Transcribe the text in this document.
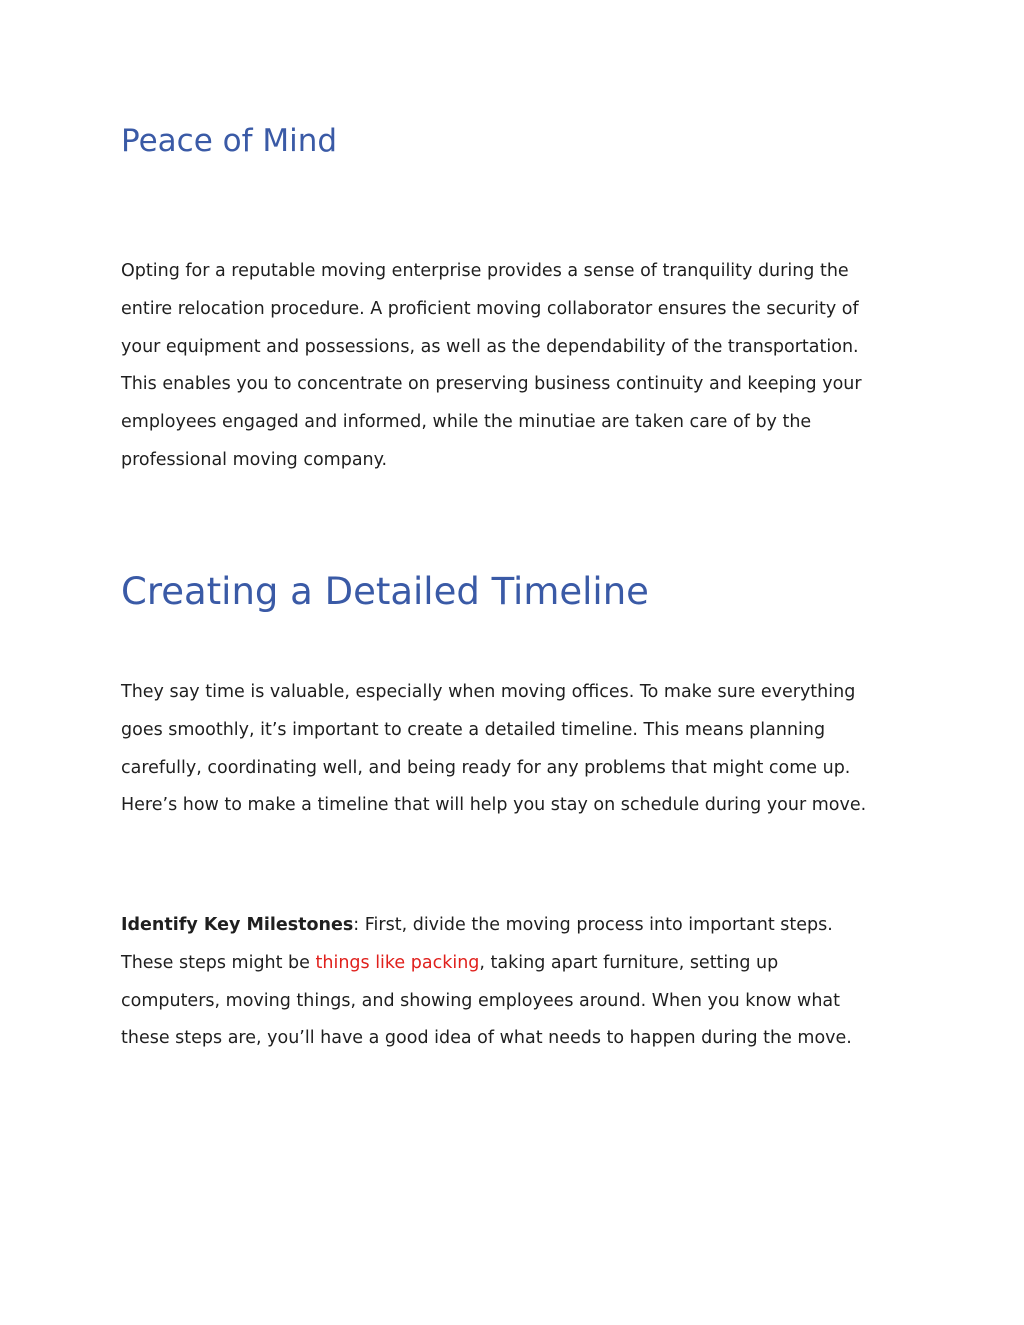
Peace of Mind

Opting for a reputable moving enterprise provides a sense of tranquility during the
entire relocation procedure. A proficient moving collaborator ensures the security of
your equipment and possessions, as well as the dependability of the transportation.
This enables you to concentrate on preserving business continuity and keeping your
employees engaged and informed, while the minutiae are taken care of by the
professional moving company.

Creating a Detailed Timeline

They say time is valuable, especially when moving offices. To make sure everything
goes smoothly, it’s important to create a detailed timeline. This means planning
carefully, coordinating well, and being ready for any problems that might come up.
Here’s how to make a timeline that will help you stay on schedule during your move.

Identify Key Milestones: First, divide the moving process into important steps.
These steps might be things like packing, taking apart furniture, setting up
computers, moving things, and showing employees around. When you know what
these steps are, you’ll have a good idea of what needs to happen during the move.
